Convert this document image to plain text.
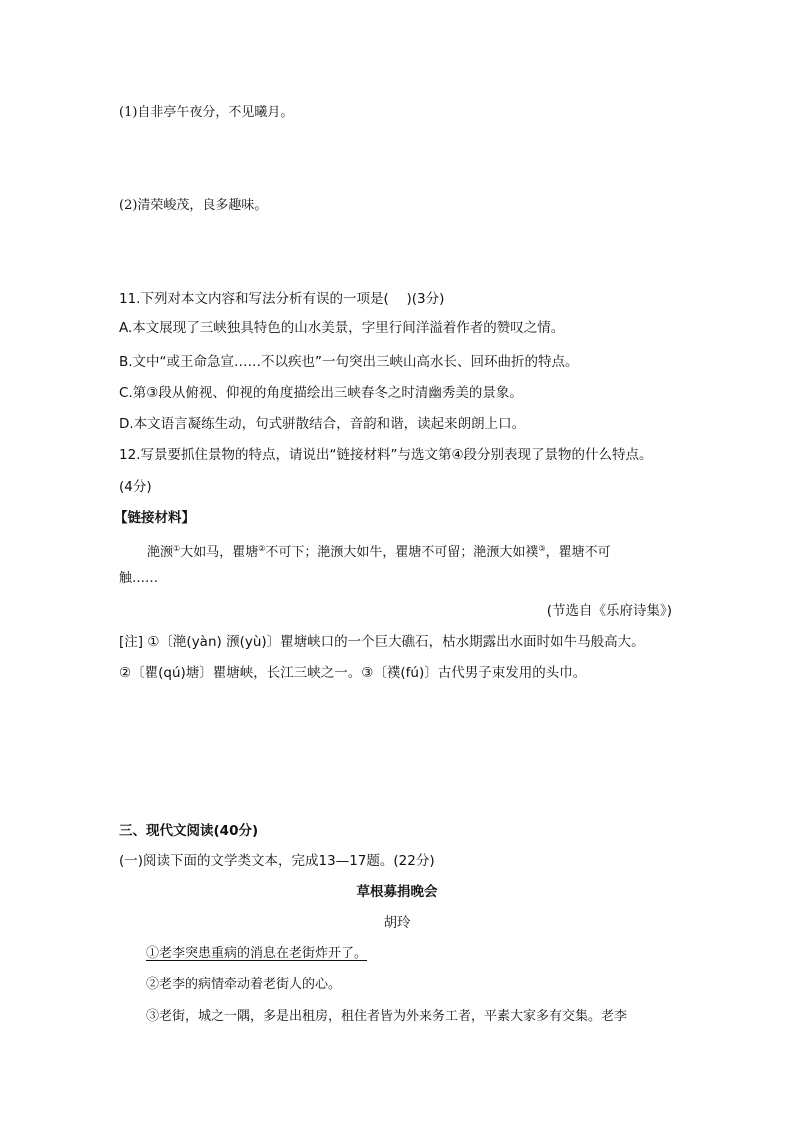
(1)自非亭午夜分，不见曦月。
(2)清荣峻茂，良多趣味。
11.下列对本文内容和写法分析有误的一项是(　 )(3分)
A.本文展现了三峡独具特色的山水美景，字里行间洋溢着作者的赞叹之情。
B.文中“或王命急宣……不以疾也”一句突出三峡山高水长、回环曲折的特点。
C.第③段从俯视、仰视的角度描绘出三峡春冬之时清幽秀美的景象。
D.本文语言凝练生动，句式骈散结合，音韵和谐，读起来朗朗上口。
12.写景要抓住景物的特点，请说出“链接材料”与选文第④段分别表现了景物的什么特点。
(4分)
【链接材料】
滟滪①大如马，瞿塘②不可下；滟滪大如牛，瞿塘不可留；滟滪大如襆③，瞿塘不可
触……
(节选自《乐府诗集》)
[注] ①〔滟(yàn) 滪(yù)〕瞿塘峡口的一个巨大礁石，枯水期露出水面时如牛马般高大。
②〔瞿(qú)塘〕瞿塘峡，长江三峡之一。③〔襆(fú)〕古代男子束发用的头巾。
三、现代文阅读(40分)
(一)阅读下面的文学类文本，完成13—17题。(22分)
草根募捐晚会
胡玲
①老李突患重病的消息在老街炸开了。
②老李的病情牵动着老街人的心。
③老街，城之一隅，多是出租房，租住者皆为外来务工者，平素大家多有交集。老李
